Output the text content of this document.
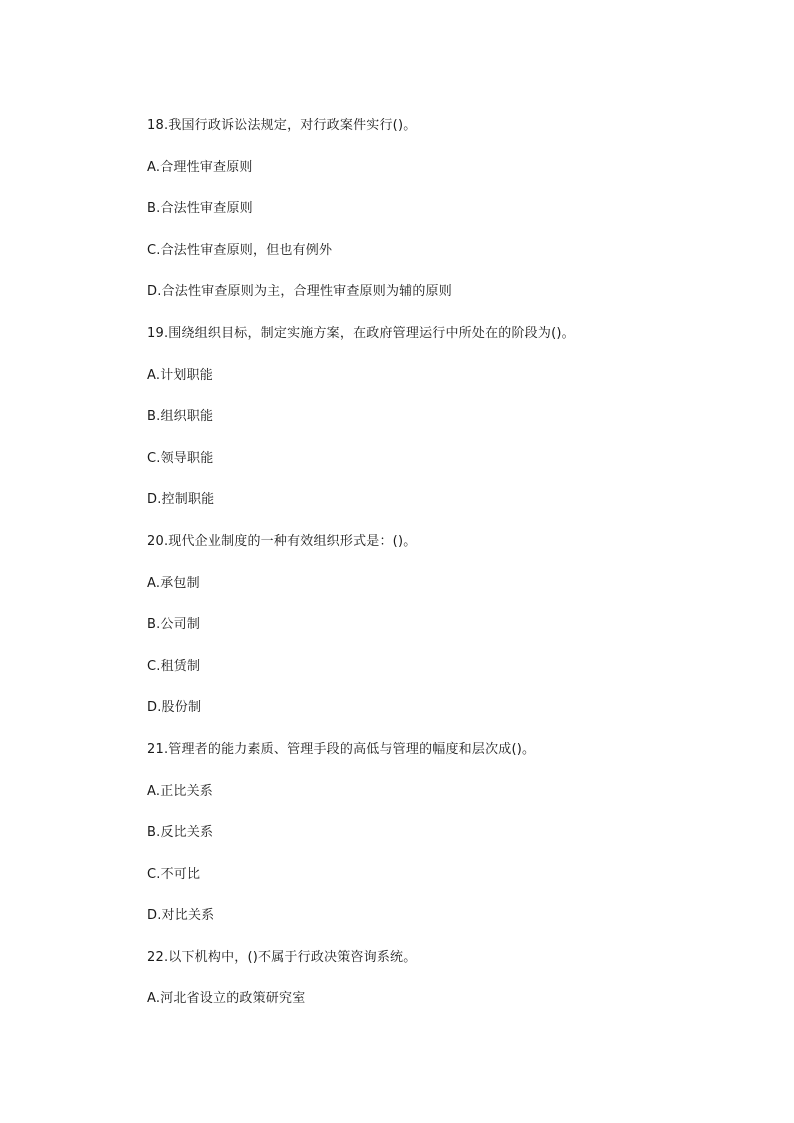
18.我国行政诉讼法规定，对行政案件实行()。

A.合理性审查原则

B.合法性审查原则

C.合法性审查原则，但也有例外

D.合法性审查原则为主，合理性审查原则为辅的原则

19.围绕组织目标，制定实施方案，在政府管理运行中所处在的阶段为()。

A.计划职能

B.组织职能

C.领导职能

D.控制职能

20.现代企业制度的一种有效组织形式是：()。

A.承包制

B.公司制

C.租赁制

D.股份制

21.管理者的能力素质、管理手段的高低与管理的幅度和层次成()。

A.正比关系

B.反比关系

C.不可比

D.对比关系

22.以下机构中，()不属于行政决策咨询系统。

A.河北省设立的政策研究室
